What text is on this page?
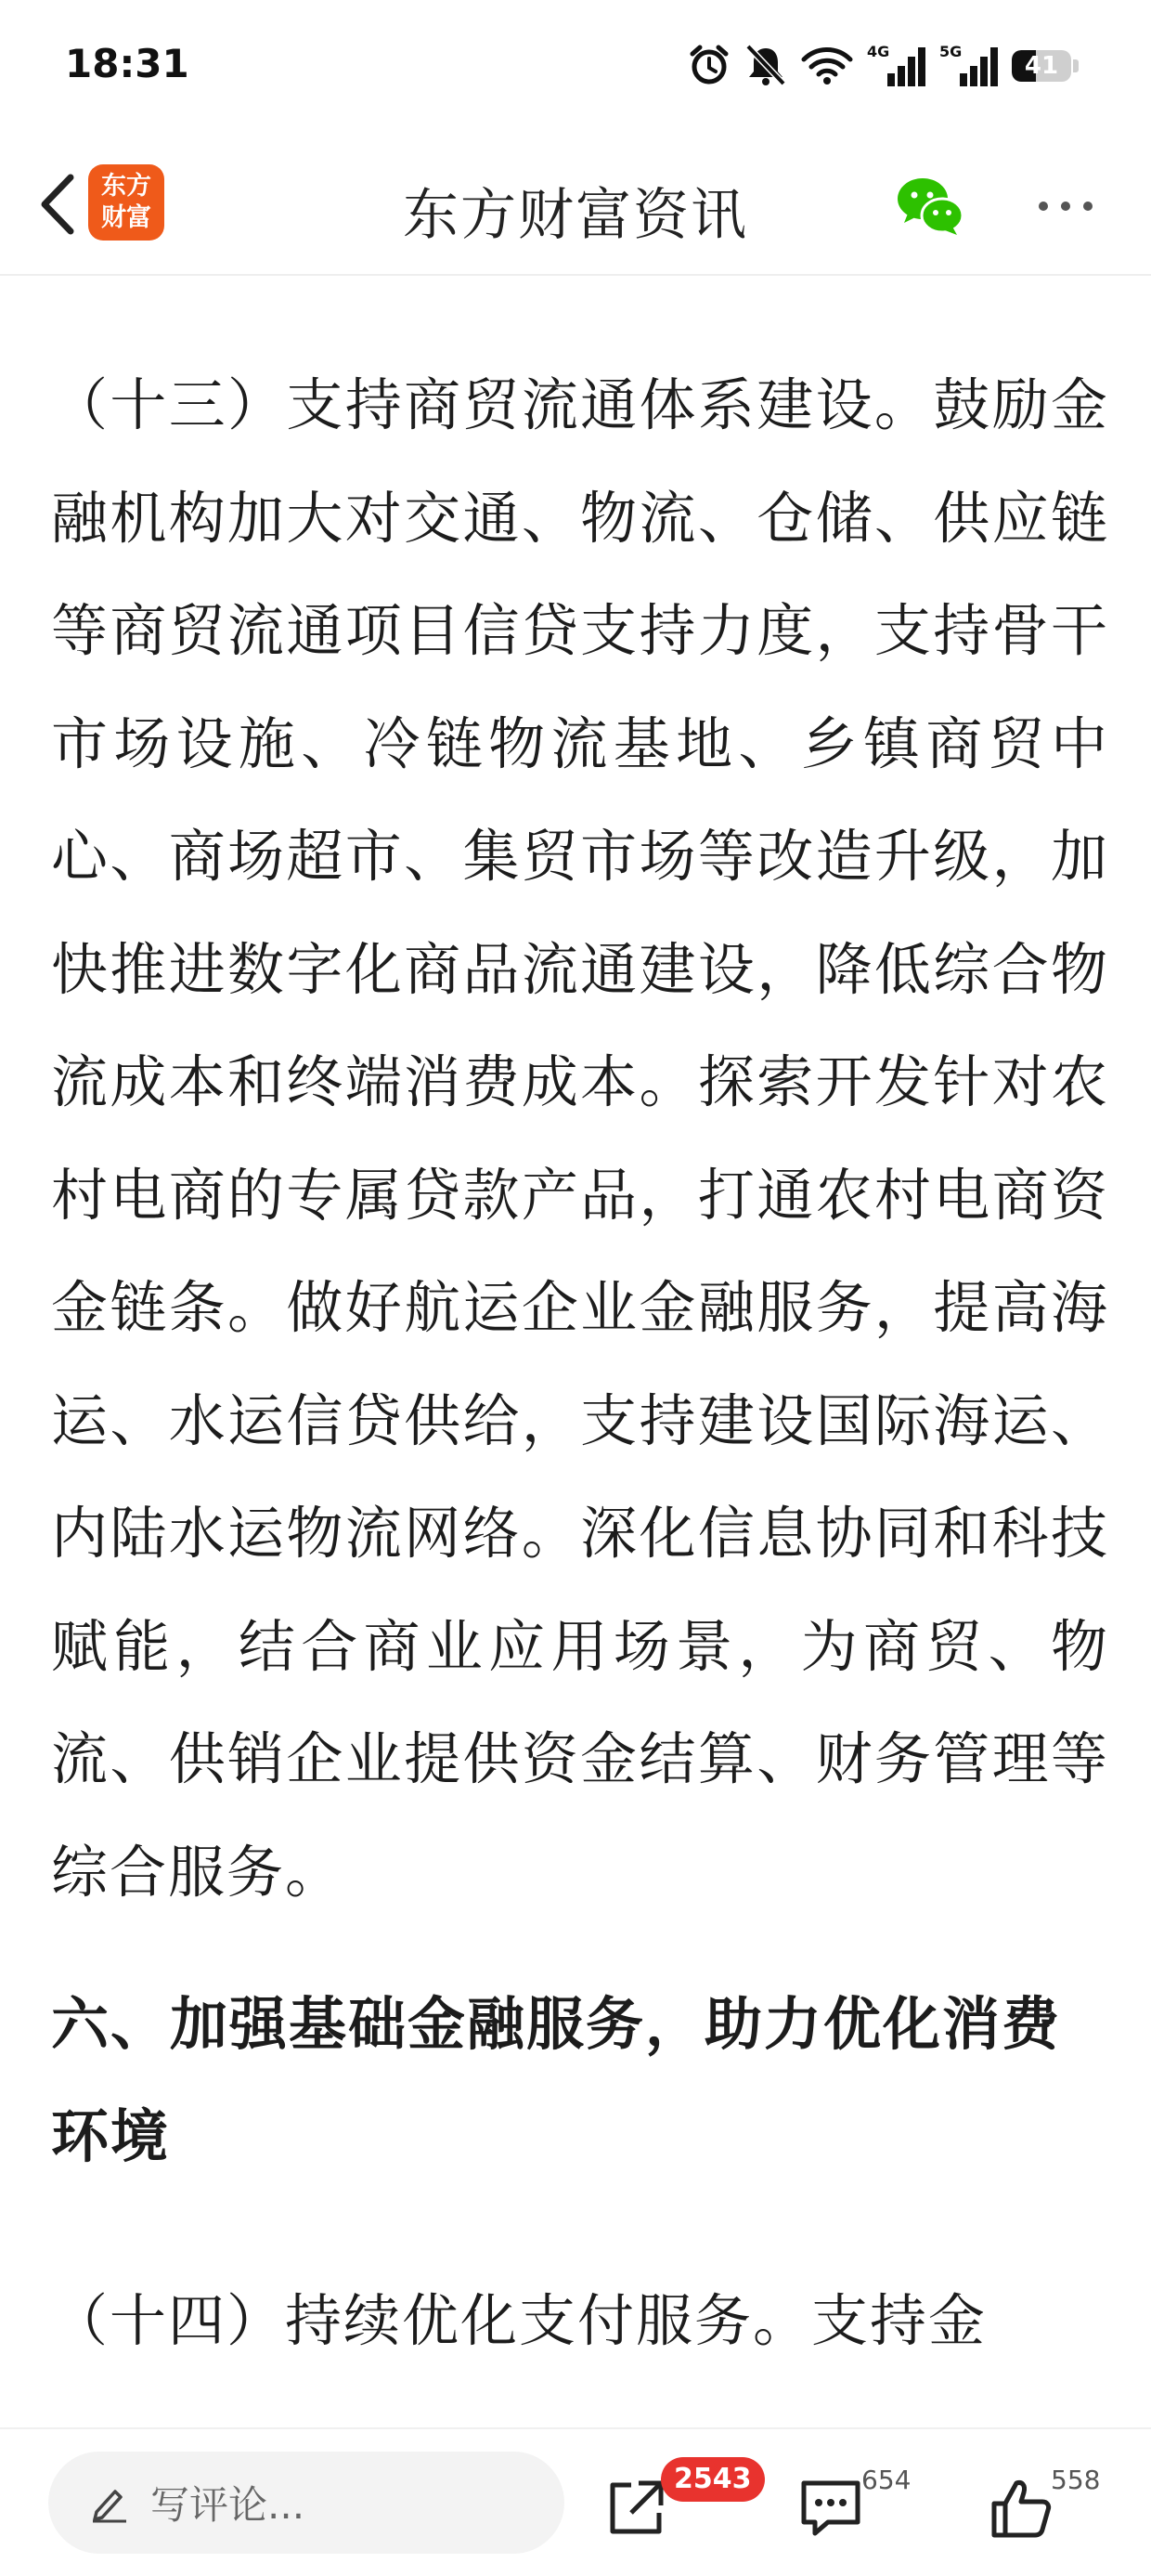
18:31	4G	5G
41
东方
财富	东方财富资讯

（十三）支持商贸流通体系建设。鼓励金融机构加大对交通、物流、仓储、供应链等商贸流通项目信贷支持力度，支持骨干市场设施、冷链物流基地、乡镇商贸中心、商场超市、集贸市场等改造升级，加快推进数字化商品流通建设，降低综合物流成本和终端消费成本。探索开发针对农村电商的专属贷款产品，打通农村电商资金链条。做好航运企业金融服务，提高海运、水运信贷供给，支持建设国际海运、内陆水运物流网络。深化信息协同和科技赋能，结合商业应用场景，为商贸、物流、供销企业提供资金结算、财务管理等综合服务。

六、加强基础金融服务，助力优化消费环境

（十四）持续优化支付服务。支持金

写评论...
2543	654	558
